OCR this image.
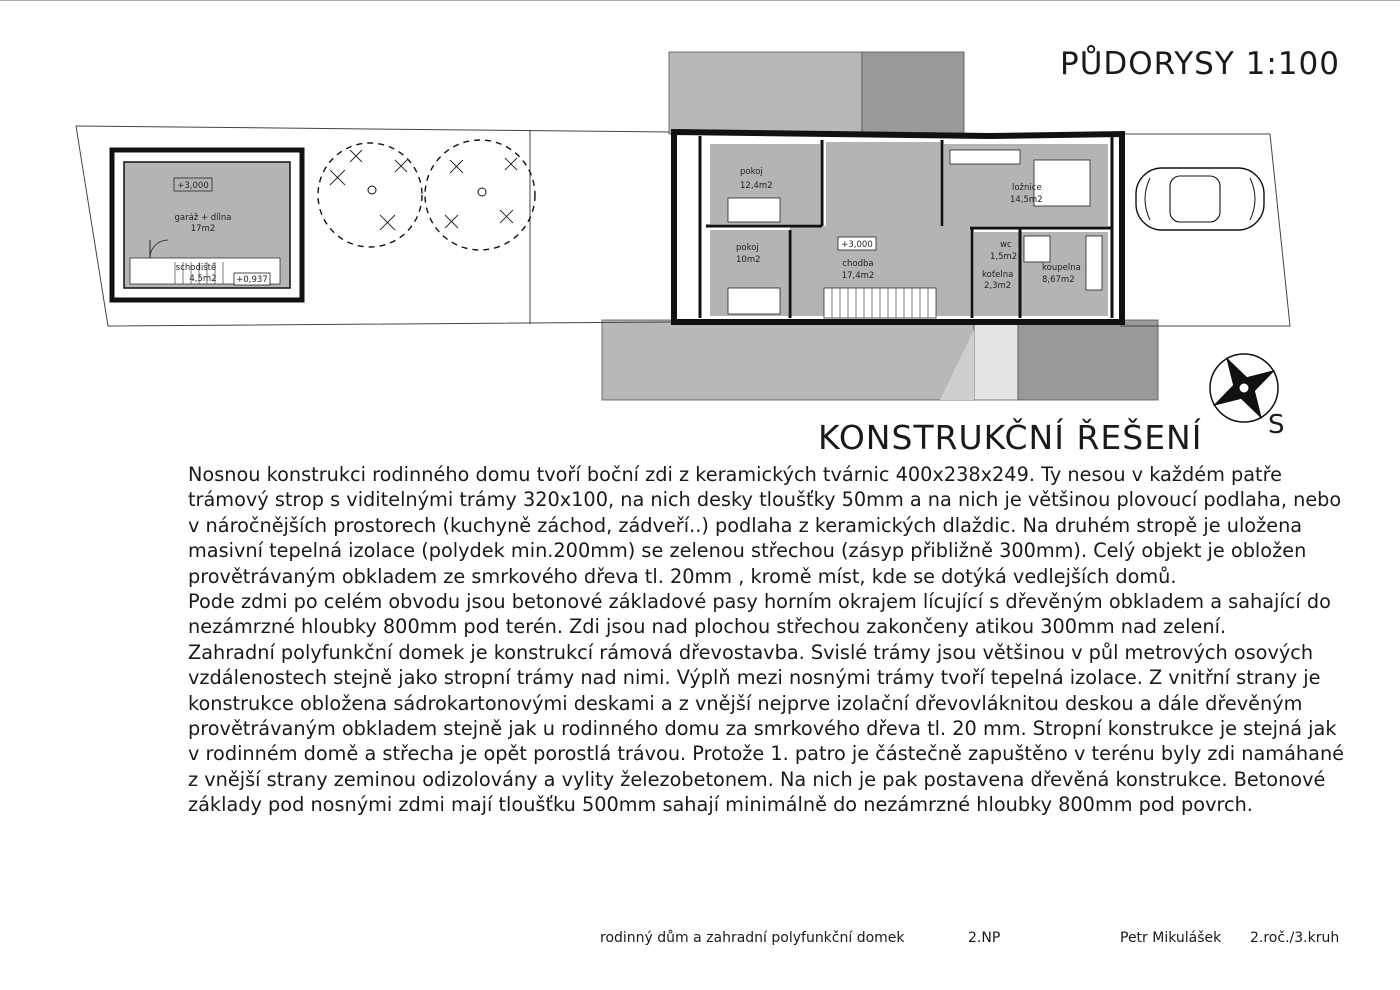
PŮDORYSY 1:100
+3,000
garáž + dílna
17m2
schodiště
4,5m2 +0,937
+3,000
pokoj
12,4m2
pokoj
10m2	chodba
17,4m2
ložnice
14,5m2
wc
1,5m2
koťelna
2,3m2
koupelna
8,67m2
S
KONSTRUKČNÍ ŘEŠENÍ

Nosnou konstrukci rodinného domu tvoří boční zdi z keramických tvárnic 400x238x249. Ty nesou v každém patře trámový strop s viditelnými trámy 320x100, na nich desky tloušťky 50mm a na nich je většinou plovoucí podlaha, nebo v náročnějších prostorech (kuchyně záchod, zádveří..) podlaha z keramických dlaždic. Na druhém stropě je uložena masivní tepelná izolace (polydek min.200mm) se zelenou střechou (zásyp přibližně 300mm). Celý objekt je obložen provětrávaným obkladem ze smrkového dřeva tl. 20mm , kromě míst, kde se dotýká vedlejších domů.

Pode zdmi po celém obvodu jsou betonové základové pasy horním okrajem lícující s dřevěným obkladem a sahající do nezámrzné hloubky 800mm pod terén. Zdi jsou nad plochou střechou zakončeny atikou 300mm nad zelení.

Zahradní polyfunkční domek je konstrukcí rámová dřevostavba. Svislé trámy jsou většinou v půl metrových osových vzdálenostech stejně jako stropní trámy nad nimi. Výplň mezi nosnými trámy tvoří tepelná izolace. Z vnitřní strany je konstrukce obložena sádrokartonovými deskami a z vnější nejprve izolační dřevovláknitou deskou a dále dřevěným provětrávaným obkladem stejně jak u rodinného domu za smrkového dřeva tl. 20 mm. Stropní konstrukce je stejná jak v rodinném domě a střecha je opět porostlá trávou. Protože 1. patro je částečně zapuštěno v terénu byly zdi namáhané z vnější strany zeminou odizolovány a vylity železobetonem. Na nich je pak postavena dřevěná konstrukce. Betonové základy pod nosnými zdmi mají tloušťku 500mm sahají minimálně do nezámrzné hloubky 800mm pod povrch.

rodinný dům a zahradní polyfunkční domek	2.NP	Petr Mikulášek 2.roč./3.kruh
